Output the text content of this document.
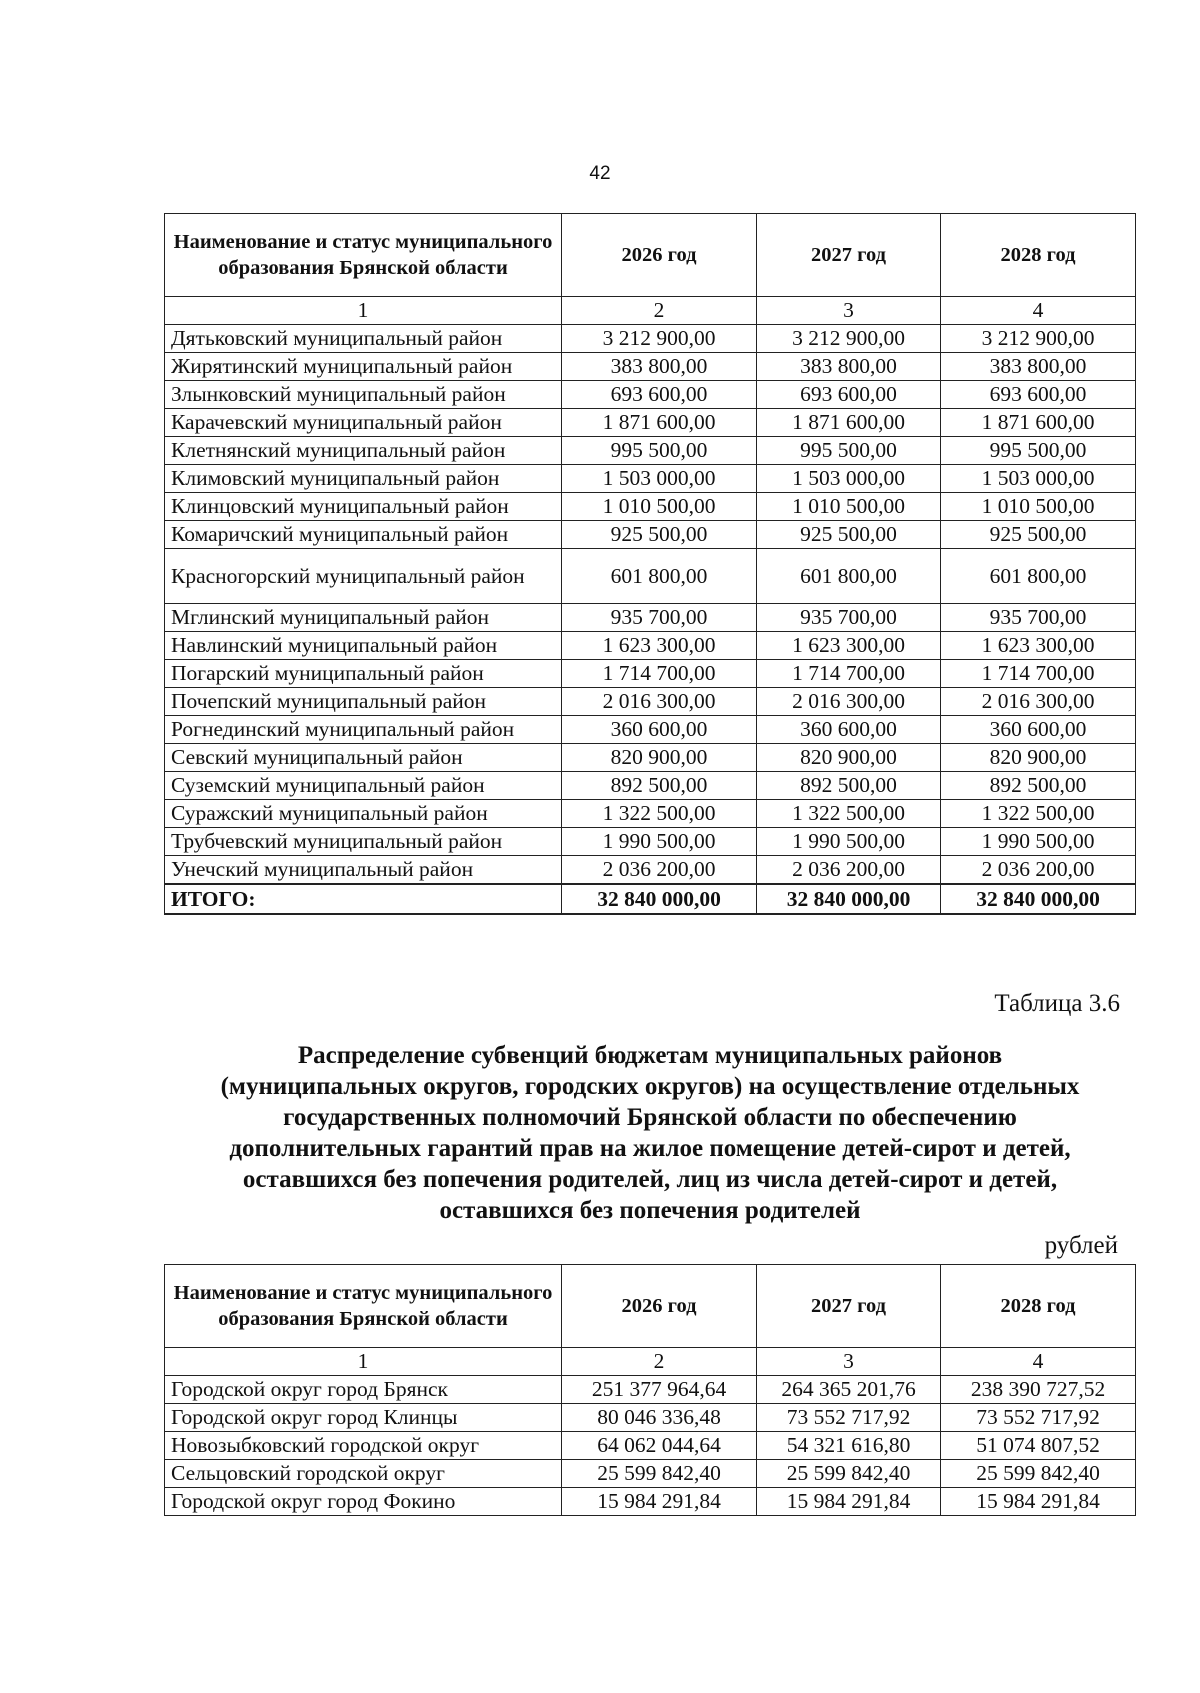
42
Наименование и статус муниципального образования Брянской области	2026 год	2027 год	2028 год
1	2	3	4
Дятьковский муниципальный район	3 212 900,00	3 212 900,00	3 212 900,00
Жирятинский муниципальный район	383 800,00	383 800,00	383 800,00
Злынковский муниципальный район	693 600,00	693 600,00	693 600,00
Карачевский муниципальный район	1 871 600,00	1 871 600,00	1 871 600,00
Клетнянский муниципальный район	995 500,00	995 500,00	995 500,00
Климовский муниципальный район	1 503 000,00	1 503 000,00	1 503 000,00
Клинцовский муниципальный район	1 010 500,00	1 010 500,00	1 010 500,00
Комаричский муниципальный район	925 500,00	925 500,00	925 500,00
Красногорский муниципальный район	601 800,00	601 800,00	601 800,00
Мглинский муниципальный район	935 700,00	935 700,00	935 700,00
Навлинский муниципальный район	1 623 300,00	1 623 300,00	1 623 300,00
Погарский муниципальный район	1 714 700,00	1 714 700,00	1 714 700,00
Почепский муниципальный район	2 016 300,00	2 016 300,00	2 016 300,00
Рогнединский муниципальный район	360 600,00	360 600,00	360 600,00
Севский муниципальный район	820 900,00	820 900,00	820 900,00
Суземский муниципальный район	892 500,00	892 500,00	892 500,00
Суражский муниципальный район	1 322 500,00	1 322 500,00	1 322 500,00
Трубчевский муниципальный район	1 990 500,00	1 990 500,00	1 990 500,00
Унечский муниципальный район	2 036 200,00	2 036 200,00	2 036 200,00
ИТОГО:	32 840 000,00	32 840 000,00	32 840 000,00
Таблица 3.6
Распределение субвенций бюджетам муниципальных районов
(муниципальных округов, городских округов) на осуществление отдельных
государственных полномочий Брянской области по обеспечению
дополнительных гарантий прав на жилое помещение детей-сирот и детей,
оставшихся без попечения родителей, лиц из числа детей-сирот и детей,
оставшихся без попечения родителей
рублей
Наименование и статус муниципального образования Брянской области	2026 год	2027 год	2028 год
1	2	3	4
Городской округ город Брянск	251 377 964,64	264 365 201,76	238 390 727,52
Городской округ город Клинцы	80 046 336,48	73 552 717,92	73 552 717,92
Новозыбковский городской округ	64 062 044,64	54 321 616,80	51 074 807,52
Сельцовский городской округ	25 599 842,40	25 599 842,40	25 599 842,40
Городской округ город Фокино	15 984 291,84	15 984 291,84	15 984 291,84
